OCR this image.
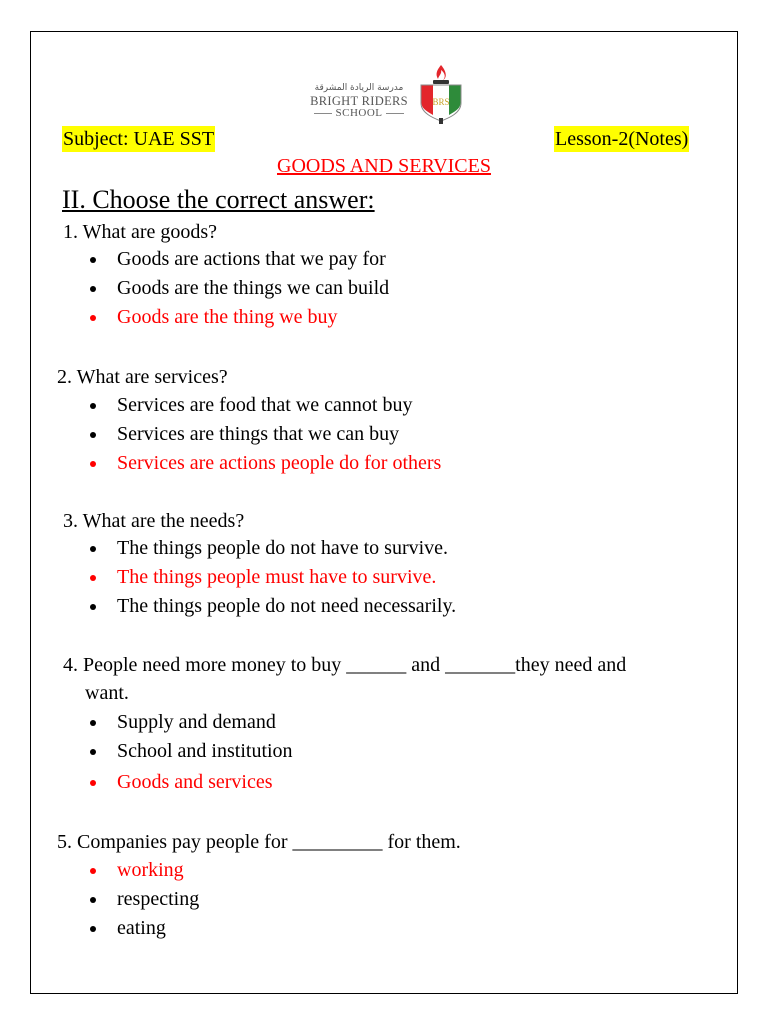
مدرسة الريادة المشرقة
BRIGHT RIDERS
SCHOOL
BRS
Subject: UAE SST	Lesson-2(Notes)
GOODS AND SERVICES
II. Choose the correct answer:
1. What are goods?
Goods are actions that we pay for
Goods are the things we can build
Goods are the thing we buy
2. What are services?
Services are food that we cannot buy
Services are things that we can buy
Services are actions people do for others
3. What are the needs?
The things people do not have to survive.
The things people must have to survive.
The things people do not need necessarily.
4. People need more money to buy ______ and _______they need and
want.
Supply and demand
School and institution
Goods and services
5. Companies pay people for _________ for them.
working
respecting
eating
